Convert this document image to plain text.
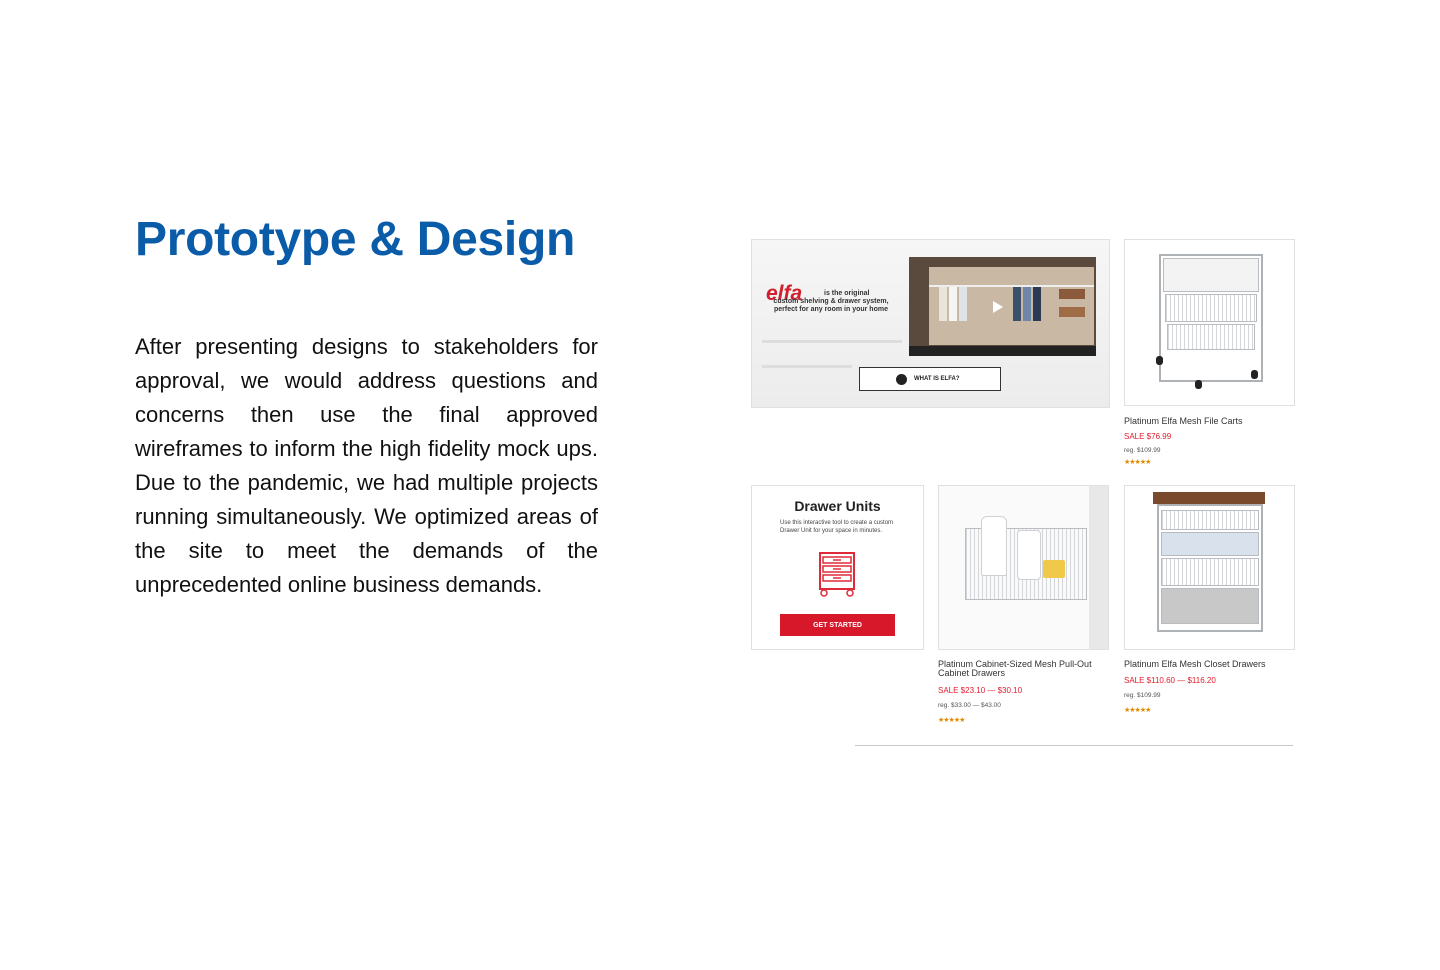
Prototype & Design

After presenting designs to stakeholders for approval, we would address questions and concerns then use the final approved wireframes to inform the high fidelity mock ups. Due to the pandemic, we had multiple projects running simultaneously. We optimized areas of the site to meet the demands of the unprecedented online business demands.

elfa	is the original
custom shelving & drawer system, perfect for any room in your home
WHAT IS ELFA?
Platinum Elfa Mesh File Carts
SALE $76.99
reg. $109.99
★★★★★
Drawer Units

Use this interactive tool to create a custom Drawer Unit for your space in minutes.

GET STARTED
Platinum Cabinet-Sized Mesh Pull-Out Cabinet Drawers
SALE $23.10 — $30.10
reg. $33.00 — $43.00
★★★★★
Platinum Elfa Mesh Closet Drawers
SALE $110.60 — $116.20
reg. $109.99
★★★★★
